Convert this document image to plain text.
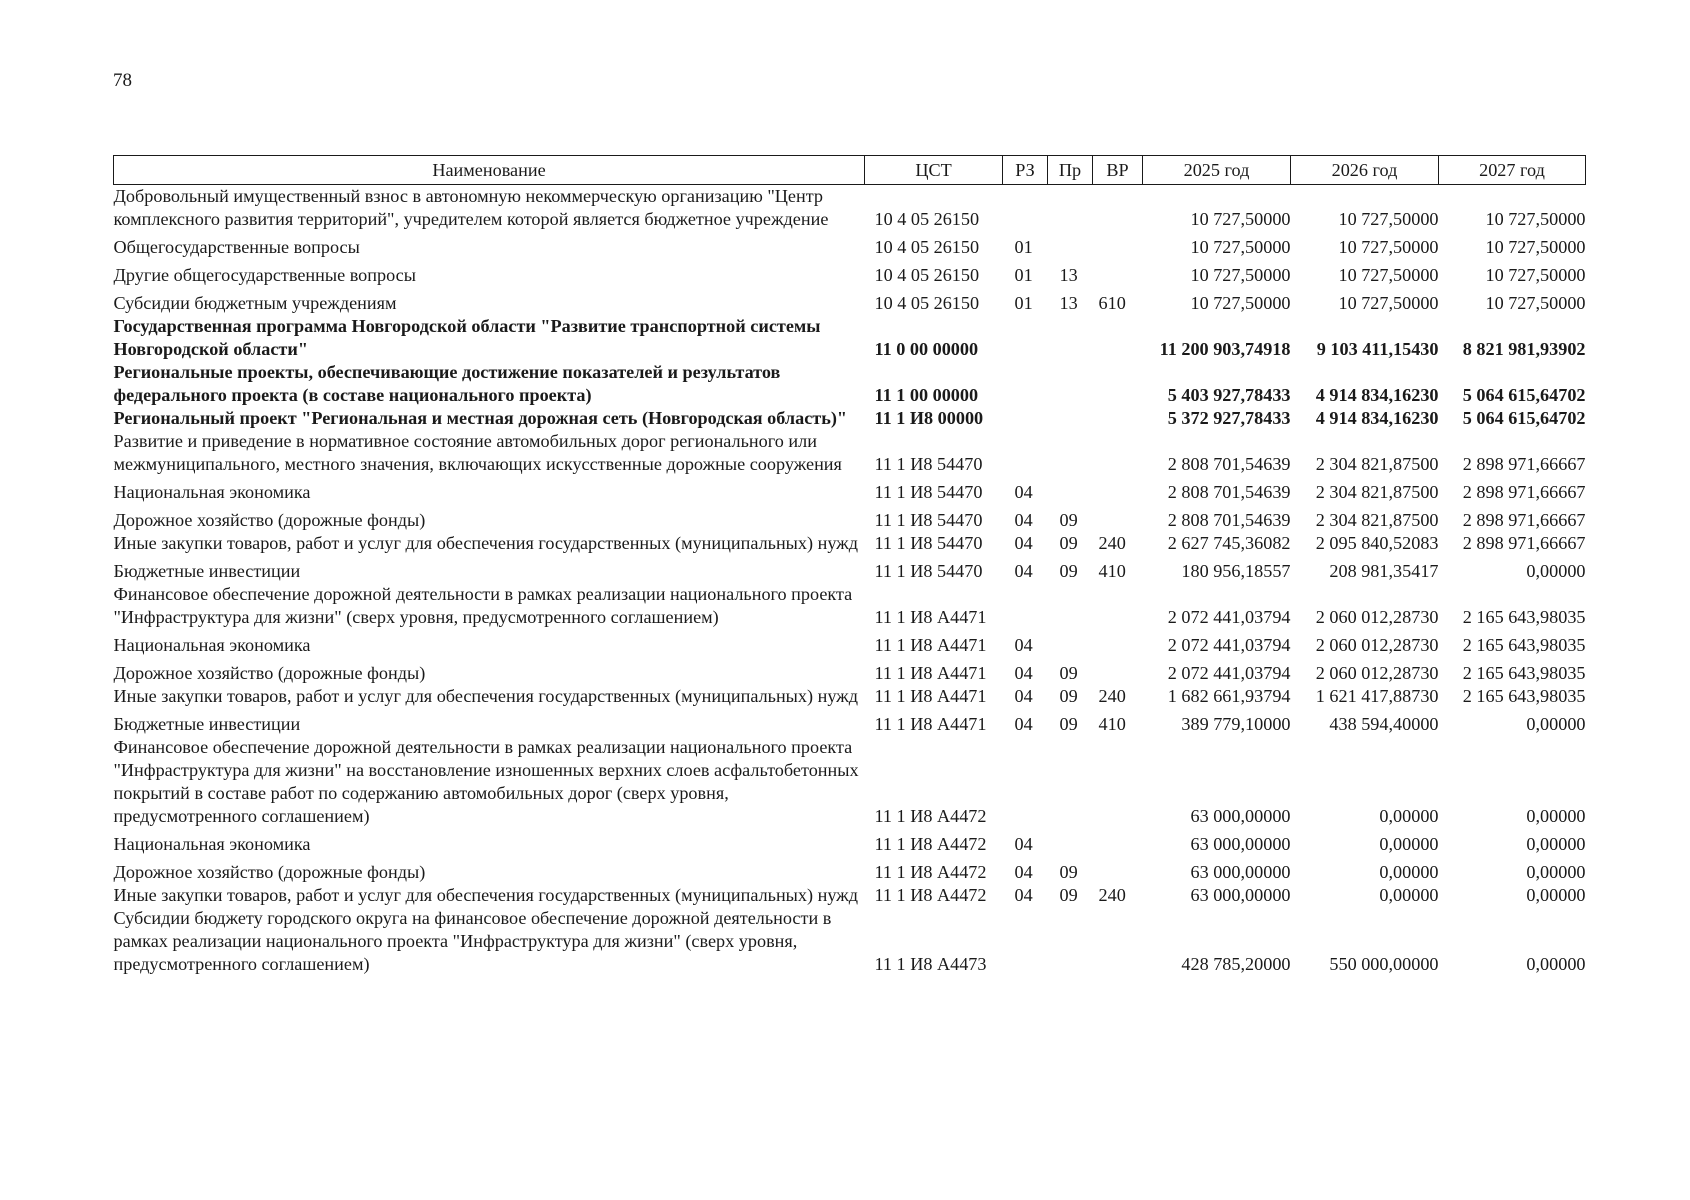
78
Наименование	ЦСТ	РЗ	Пр	ВР	2025 год	2026 год	2027 год
Добровольный имущественный взнос в автономную некоммерческую организацию "Центр комплексного развития территорий", учредителем которой является бюджетное учреждение	10 4 05 26150				10 727,50000	10 727,50000	10 727,50000
Общегосударственные вопросы	10 4 05 26150	01			10 727,50000	10 727,50000	10 727,50000
Другие общегосударственные вопросы	10 4 05 26150	01	13		10 727,50000	10 727,50000	10 727,50000
Субсидии бюджетным учреждениям	10 4 05 26150	01	13	610	10 727,50000	10 727,50000	10 727,50000
Государственная программа Новгородской области "Развитие транспортной системы Новгородской области"	11 0 00 00000				11 200 903,74918	9 103 411,15430	8 821 981,93902
Региональные проекты, обеспечивающие достижение показателей и результатов федерального проекта (в составе национального проекта)	11 1 00 00000				5 403 927,78433	4 914 834,16230	5 064 615,64702
Региональный проект "Региональная и местная дорожная сеть (Новгородская область)"	11 1 И8 00000				5 372 927,78433	4 914 834,16230	5 064 615,64702
Развитие и приведение в нормативное состояние автомобильных дорог регионального или межмуниципального, местного значения, включающих искусственные дорожные сооружения	11 1 И8 54470				2 808 701,54639	2 304 821,87500	2 898 971,66667
Национальная экономика	11 1 И8 54470	04			2 808 701,54639	2 304 821,87500	2 898 971,66667
Дорожное хозяйство (дорожные фонды)	11 1 И8 54470	04	09		2 808 701,54639	2 304 821,87500	2 898 971,66667
Иные закупки товаров, работ и услуг для обеспечения государственных (муниципальных) нужд	11 1 И8 54470	04	09	240	2 627 745,36082	2 095 840,52083	2 898 971,66667
Бюджетные инвестиции	11 1 И8 54470	04	09	410	180 956,18557	208 981,35417	0,00000
Финансовое обеспечение дорожной деятельности в рамках реализации национального проекта "Инфраструктура для жизни" (сверх уровня, предусмотренного соглашением)	11 1 И8 А4471				2 072 441,03794	2 060 012,28730	2 165 643,98035
Национальная экономика	11 1 И8 А4471	04			2 072 441,03794	2 060 012,28730	2 165 643,98035
Дорожное хозяйство (дорожные фонды)	11 1 И8 А4471	04	09		2 072 441,03794	2 060 012,28730	2 165 643,98035
Иные закупки товаров, работ и услуг для обеспечения государственных (муниципальных) нужд	11 1 И8 А4471	04	09	240	1 682 661,93794	1 621 417,88730	2 165 643,98035
Бюджетные инвестиции	11 1 И8 А4471	04	09	410	389 779,10000	438 594,40000	0,00000
Финансовое обеспечение дорожной деятельности в рамках реализации национального проекта "Инфраструктура для жизни" на восстановление изношенных верхних слоев асфальтобетонных покрытий в составе работ по содержанию автомобильных дорог (сверх уровня, предусмотренного соглашением)	11 1 И8 А4472				63 000,00000	0,00000	0,00000
Национальная экономика	11 1 И8 А4472	04			63 000,00000	0,00000	0,00000
Дорожное хозяйство (дорожные фонды)	11 1 И8 А4472	04	09		63 000,00000	0,00000	0,00000
Иные закупки товаров, работ и услуг для обеспечения государственных (муниципальных) нужд	11 1 И8 А4472	04	09	240	63 000,00000	0,00000	0,00000
Субсидии бюджету городского округа на финансовое обеспечение дорожной деятельности в рамках реализации национального проекта "Инфраструктура для жизни" (сверх уровня, предусмотренного соглашением)	11 1 И8 А4473				428 785,20000	550 000,00000	0,00000
